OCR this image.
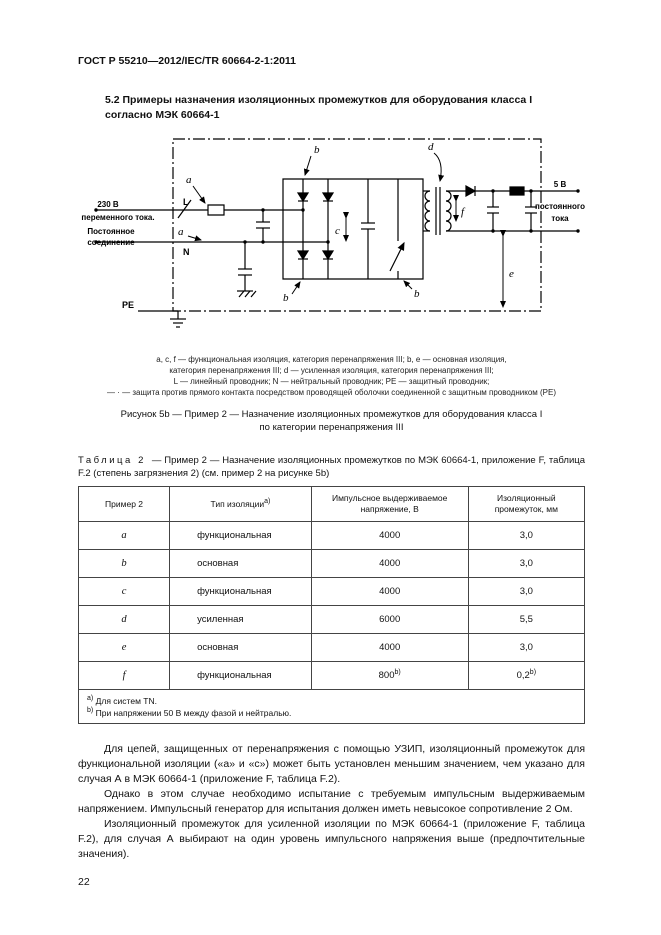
ГОСТ Р 55210—2012/IEC/TR 60664-2-1:2011
5.2 Примеры назначения изоляционных промежутков для оборудования класса I согласно МЭК 60664-1
230 В
переменного тока.
Постоянное
соединение
L
N
PE
5 В
постоянного
тока
a
a
b
b	b
c
d
e
f
a, c, f — функциональная изоляция, категория перенапряжения III; b, e — основная изоляция,
категория перенапряжения III; d — усиленная изоляция, категория перенапряжения III;
L — линейный проводник; N — нейтральный проводник; PE — защитный проводник;
— · — защита против прямого контакта посредством проводящей оболочки соединенной с защитным проводником (PE)
Рисунок 5b — Пример 2 — Назначение изоляционных промежутков для оборудования класса I
по категории перенапряжения III
Таблица 2 — Пример 2 — Назначение изоляционных промежутков по МЭК 60664-1, приложение F, таблица F.2 (степень загрязнения 2) (см. пример 2 на рисунке 5b)
Пример 2	Тип изоляции$^{а)}$	Импульсное выдерживаемое напряжение, В	Изоляционный промежуток, мм
a	функциональная	4000	3,0
b	основная	4000	3,0
c	функциональная	4000	3,0
d	усиленная	6000	5,5
e	основная	4000	3,0
f	функциональная	800$^{b)}$	0,2$^{b)}$

$^{а)}$ Для систем TN.
$^{b)}$ При напряжении 50 В между фазой и нейтралью.			

Для цепей, защищенных от перенапряжения с помощью УЗИП, изоляционный промежуток для функциональной изоляции («а» и «с») может быть установлен меньшим значением, чем указано для случая А в МЭК 60664-1 (приложение F, таблица F.2).

Однако в этом случае необходимо испытание с требуемым импульсным выдерживаемым напряжением. Импульсный генератор для испытания должен иметь невысокое сопротивление 2 Ом.

Изоляционный промежуток для усиленной изоляции по МЭК 60664-1 (приложение F, таблица F.2), для случая А выбирают на один уровень импульсного напряжения выше (предпочтительные значения).

22
